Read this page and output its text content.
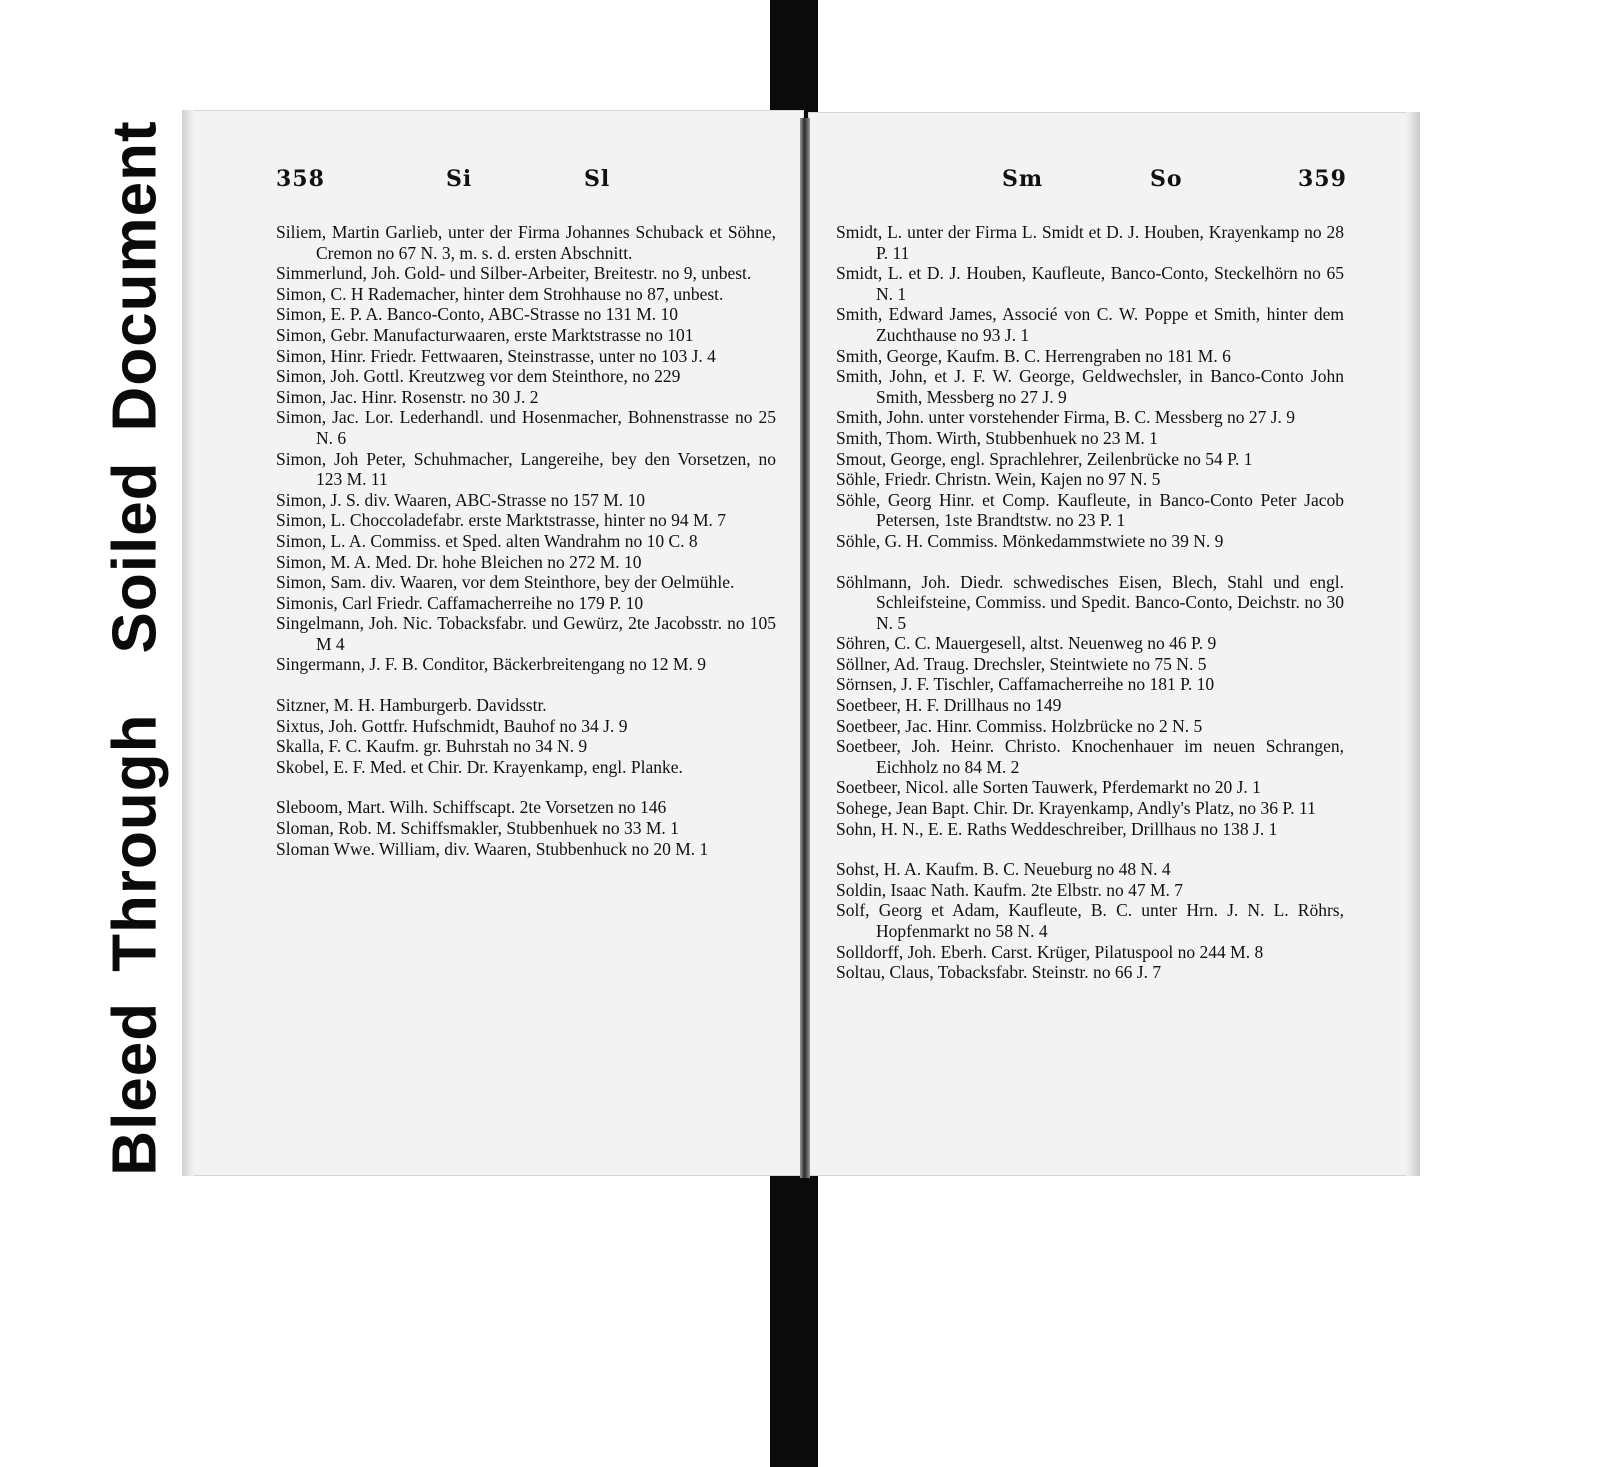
BleedThroughSoiledDocument	358	Si	Sl	Sm	So	359
Siliem, Martin Garlieb, unter der Firma Johannes Schuback et Söhne, Cremon no 67 N. 3, m. s. d. ersten Abschnitt.
Simmerlund, Joh. Gold- und Silber-Arbeiter, Breitestr. no 9, unbest.
Simon, C. H Rademacher, hinter dem Strohhause no 87, unbest.
Simon, E. P. A. Banco-Conto, ABC-Strasse no 131 M. 10
Simon, Gebr. Manufacturwaaren, erste Marktstrasse no 101
Simon, Hinr. Friedr. Fettwaaren, Steinstrasse, unter no 103 J. 4
Simon, Joh. Gottl. Kreutzweg vor dem Steinthore, no 229
Simon, Jac. Hinr. Rosenstr. no 30 J. 2
Simon, Jac. Lor. Lederhandl. und Hosenmacher, Bohnenstrasse no 25 N. 6
Simon, Joh Peter, Schuhmacher, Langereihe, bey den Vorsetzen, no 123 M. 11
Simon, J. S. div. Waaren, ABC-Strasse no 157 M. 10
Simon, L. Choccoladefabr. erste Marktstrasse, hinter no 94 M. 7
Simon, L. A. Commiss. et Sped. alten Wandrahm no 10 C. 8
Simon, M. A. Med. Dr. hohe Bleichen no 272 M. 10
Simon, Sam. div. Waaren, vor dem Steinthore, bey der Oelmühle.
Simonis, Carl Friedr. Caffamacherreihe no 179 P. 10
Singelmann, Joh. Nic. Tobacksfabr. und Gewürz, 2te Jacobsstr. no 105 M 4
Singermann, J. F. B. Conditor, Bäckerbreitengang no 12 M. 9
Sitzner, M. H. Hamburgerb. Davidsstr.
Sixtus, Joh. Gottfr. Hufschmidt, Bauhof no 34 J. 9
Skalla, F. C. Kaufm. gr. Buhrstah no 34 N. 9
Skobel, E. F. Med. et Chir. Dr. Krayenkamp, engl. Planke.
Sleboom, Mart. Wilh. Schiffscapt. 2te Vorsetzen no 146
Sloman, Rob. M. Schiffsmakler, Stubbenhuek no 33 M. 1
Sloman Wwe. William, div. Waaren, Stubbenhuck no 20 M. 1
Smidt, L. unter der Firma L. Smidt et D. J. Houben, Krayenkamp no 28 P. 11
Smidt, L. et D. J. Houben, Kaufleute, Banco-Conto, Steckelhörn no 65 N. 1
Smith, Edward James, Associé von C. W. Poppe et Smith, hinter dem Zuchthause no 93 J. 1
Smith, George, Kaufm. B. C. Herrengraben no 181 M. 6
Smith, John, et J. F. W. George, Geldwechsler, in Banco-Conto John Smith, Messberg no 27 J. 9
Smith, John. unter vorstehender Firma, B. C. Messberg no 27 J. 9
Smith, Thom. Wirth, Stubbenhuek no 23 M. 1
Smout, George, engl. Sprachlehrer, Zeilenbrücke no 54 P. 1
Söhle, Friedr. Christn. Wein, Kajen no 97 N. 5
Söhle, Georg Hinr. et Comp. Kaufleute, in Banco-Conto Peter Jacob Petersen, 1ste Brandtstw. no 23 P. 1
Söhle, G. H. Commiss. Mönkedammstwiete no 39 N. 9
Söhlmann, Joh. Diedr. schwedisches Eisen, Blech, Stahl und engl. Schleifsteine, Commiss. und Spedit. Banco-Conto, Deichstr. no 30 N. 5
Söhren, C. C. Mauergesell, altst. Neuenweg no 46 P. 9
Söllner, Ad. Traug. Drechsler, Steintwiete no 75 N. 5
Sörnsen, J. F. Tischler, Caffamacherreihe no 181 P. 10
Soetbeer, H. F. Drillhaus no 149
Soetbeer, Jac. Hinr. Commiss. Holzbrücke no 2 N. 5
Soetbeer, Joh. Heinr. Christo. Knochenhauer im neuen Schrangen, Eichholz no 84 M. 2
Soetbeer, Nicol. alle Sorten Tauwerk, Pferdemarkt no 20 J. 1
Sohege, Jean Bapt. Chir. Dr. Krayenkamp, Andly's Platz, no 36 P. 11
Sohn, H. N., E. E. Raths Weddeschreiber, Drillhaus no 138 J. 1
Sohst, H. A. Kaufm. B. C. Neueburg no 48 N. 4
Soldin, Isaac Nath. Kaufm. 2te Elbstr. no 47 M. 7
Solf, Georg et Adam, Kaufleute, B. C. unter Hrn. J. N. L. Röhrs, Hopfenmarkt no 58 N. 4
Solldorff, Joh. Eberh. Carst. Krüger, Pilatuspool no 244 M. 8
Soltau, Claus, Tobacksfabr. Steinstr. no 66 J. 7
